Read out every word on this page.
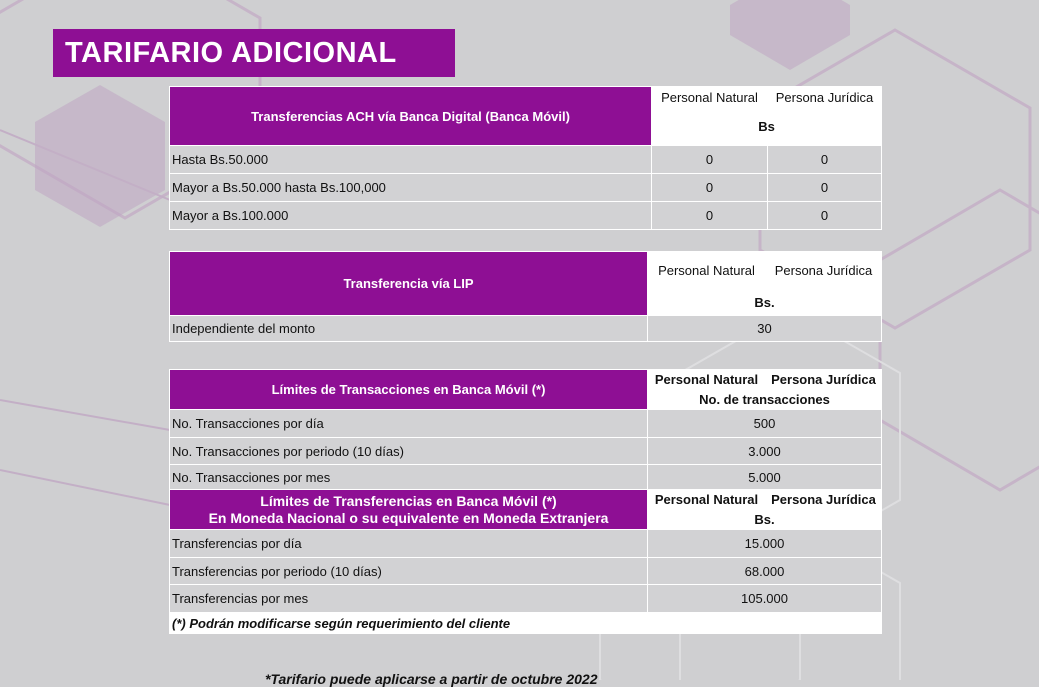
TARIFARIO ADICIONAL
Transferencias ACH vía Banca Digital (Banca Móvil)	Personal Natural	Persona Jurídica
	Bs	
Hasta Bs.50.000	0	0
Mayor a Bs.50.000 hasta Bs.100,000	0	0
Mayor a Bs.100.000	0	0
Transferencia vía LIP	Personal Natural	Persona Jurídica
	Bs.	
Independiente del monto	30	
Límites de Transacciones en Banca Móvil (*)	Personal Natural	Persona Jurídica
	No. de transacciones	
No. Transacciones por día	500	
No. Transacciones por periodo (10 días)	3.000	
No. Transacciones por mes	5.000	
Límites de Transferencias en Banca Móvil (*)
En Moneda Nacional o su equivalente en Moneda Extranjera	Personal Natural	Persona Jurídica
	Bs.	
Transferencias por día	15.000	
Transferencias por periodo (10 días)	68.000	
Transferencias por mes	105.000	
(*) Podrán modificarse según requerimiento del cliente		
*Tarifario puede aplicarse a partir de octubre 2022
